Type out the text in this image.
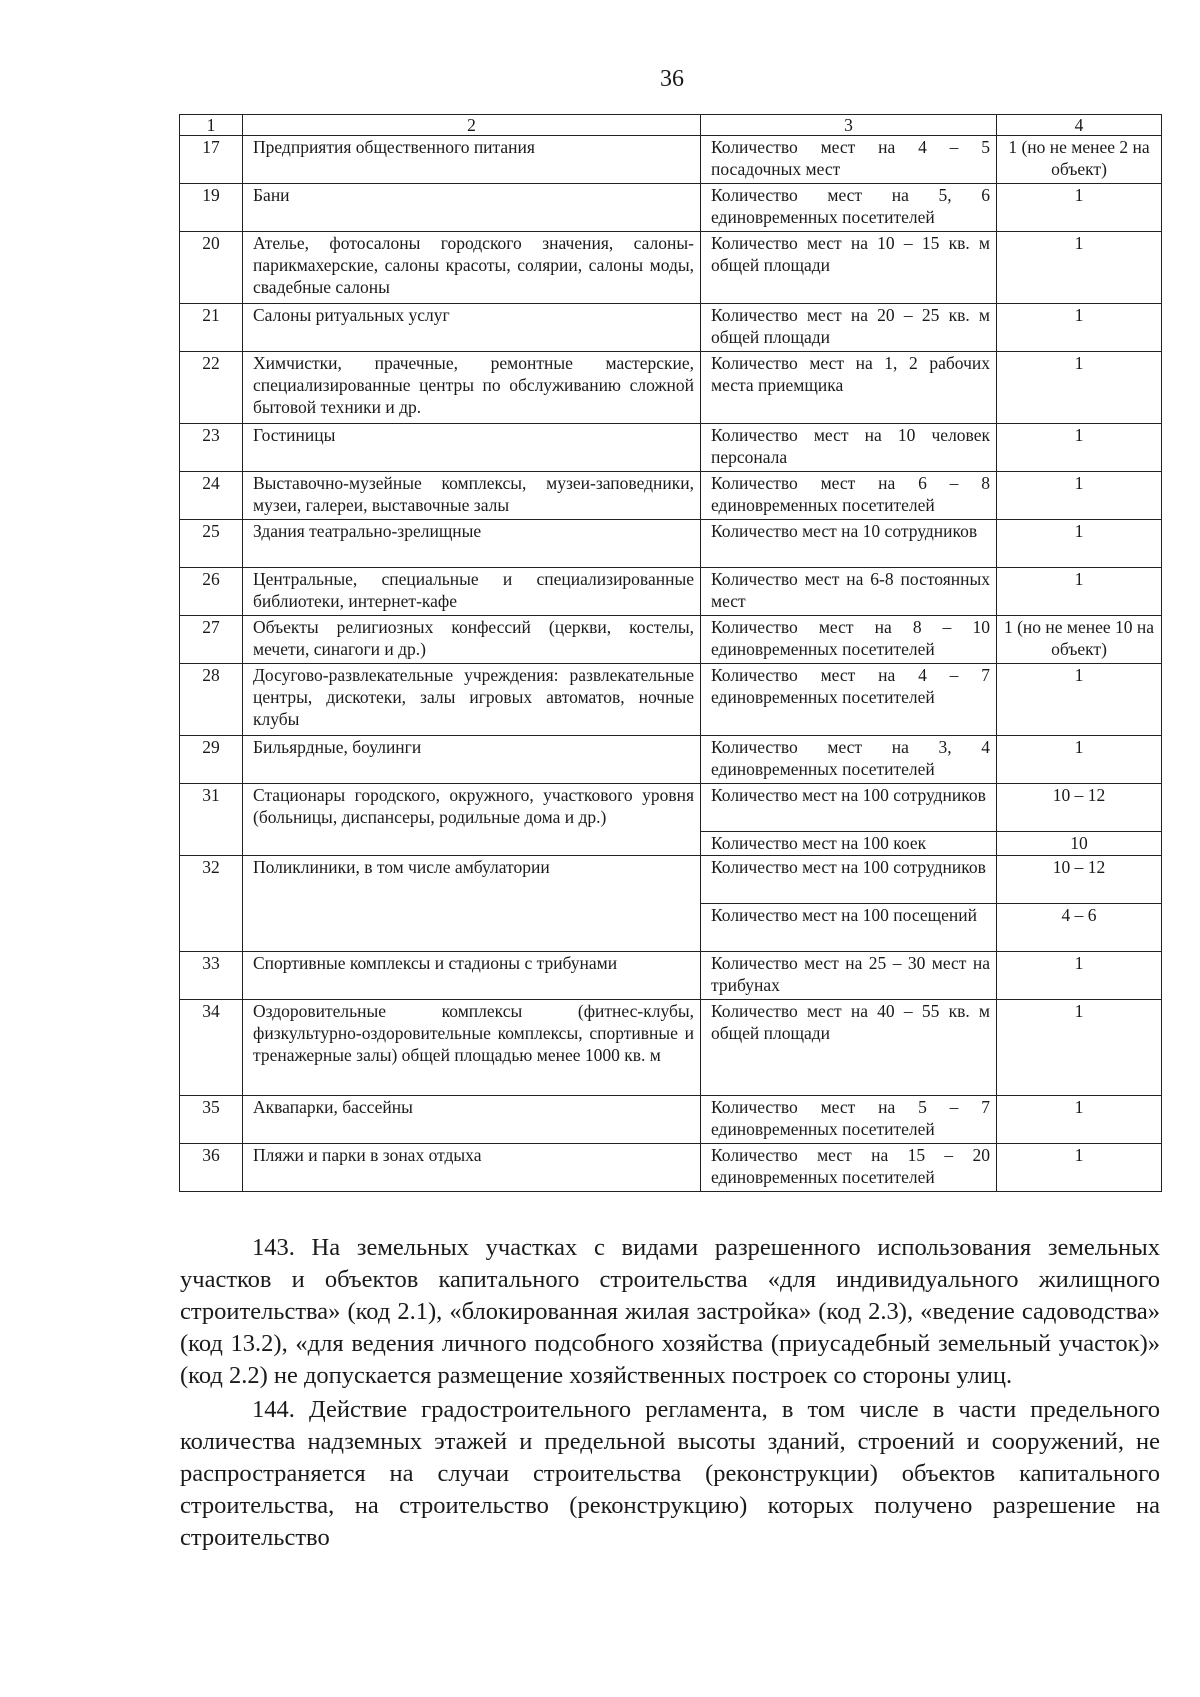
36
1	2	3	4
17	Предприятия общественного питания	Количество мест на 4 – 5 посадочных мест	1 (но не менее 2 на объект)
19	Бани	Количество мест на 5, 6 единовременных посетителей	1
20	Ателье, фотосалоны городского значения, салоны-парикмахерские, салоны красоты, солярии, салоны моды, свадебные салоны	Количество мест на 10 – 15 кв. м общей площади	1
21	Салоны ритуальных услуг	Количество мест на 20 – 25 кв. м общей площади	1
22	Химчистки, прачечные, ремонтные мастерские, специализированные центры по обслуживанию сложной бытовой техники и др.	Количество мест на 1, 2 рабочих места приемщика	1
23	Гостиницы	Количество мест на 10 человек персонала	1
24	Выставочно-музейные комплексы, музеи-заповедники, музеи, галереи, выставочные залы	Количество мест на 6 – 8 единовременных посетителей	1
25	Здания театрально-зрелищные	Количество мест на 10 сотрудников	1
26	Центральные, специальные и специализированные библиотеки, интернет-кафе	Количество мест на 6-8 постоянных мест	1
27	Объекты религиозных конфессий (церкви, костелы, мечети, синагоги и др.)	Количество мест на 8 – 10 единовременных посетителей	1 (но не менее 10 на объект)
28	Досугово-развлекательные учреждения: развлекательные центры, дискотеки, залы игровых автоматов, ночные клубы	Количество мест на 4 – 7 единовременных посетителей	1
29	Бильярдные, боулинги	Количество мест на 3, 4 единовременных посетителей	1
31	Стационары городского, окружного, участкового уровня (больницы, диспансеры, родильные дома и др.)	Количество мест на 100 сотрудников	10 – 12
		Количество мест на 100 коек	10
32	Поликлиники, в том числе амбулатории	Количество мест на 100 сотрудников	10 – 12
		Количество мест на 100 посещений	4 – 6
33	Спортивные комплексы и стадионы с трибунами	Количество мест на 25 – 30 мест на трибунах	1
34	Оздоровительные комплексы (фитнес-клубы, физкультурно-оздоровительные комплексы, спортивные и тренажерные залы) общей площадью менее 1000 кв. м	Количество мест на 40 – 55 кв. м общей площади	1
35	Аквапарки, бассейны	Количество мест на 5 – 7 единовременных посетителей	1
36	Пляжи и парки в зонах отдыха	Количество мест на 15 – 20 единовременных посетителей	1

143. На земельных участках с видами разрешенного использования земельных участков и объектов капитального строительства «для индивидуального жилищного строительства» (код 2.1), «блокированная жилая застройка» (код 2.3), «ведение садоводства» (код 13.2), «для ведения личного подсобного хозяйства (приусадебный земельный участок)» (код 2.2) не допускается размещение хозяйственных построек со стороны улиц.

144. Действие градостроительного регламента, в том числе в части предельного количества надземных этажей и предельной высоты зданий, строений и сооружений, не распространяется на случаи строительства (реконструкции) объектов капитального строительства, на строительство (реконструкцию) которых получено разрешение на строительство
